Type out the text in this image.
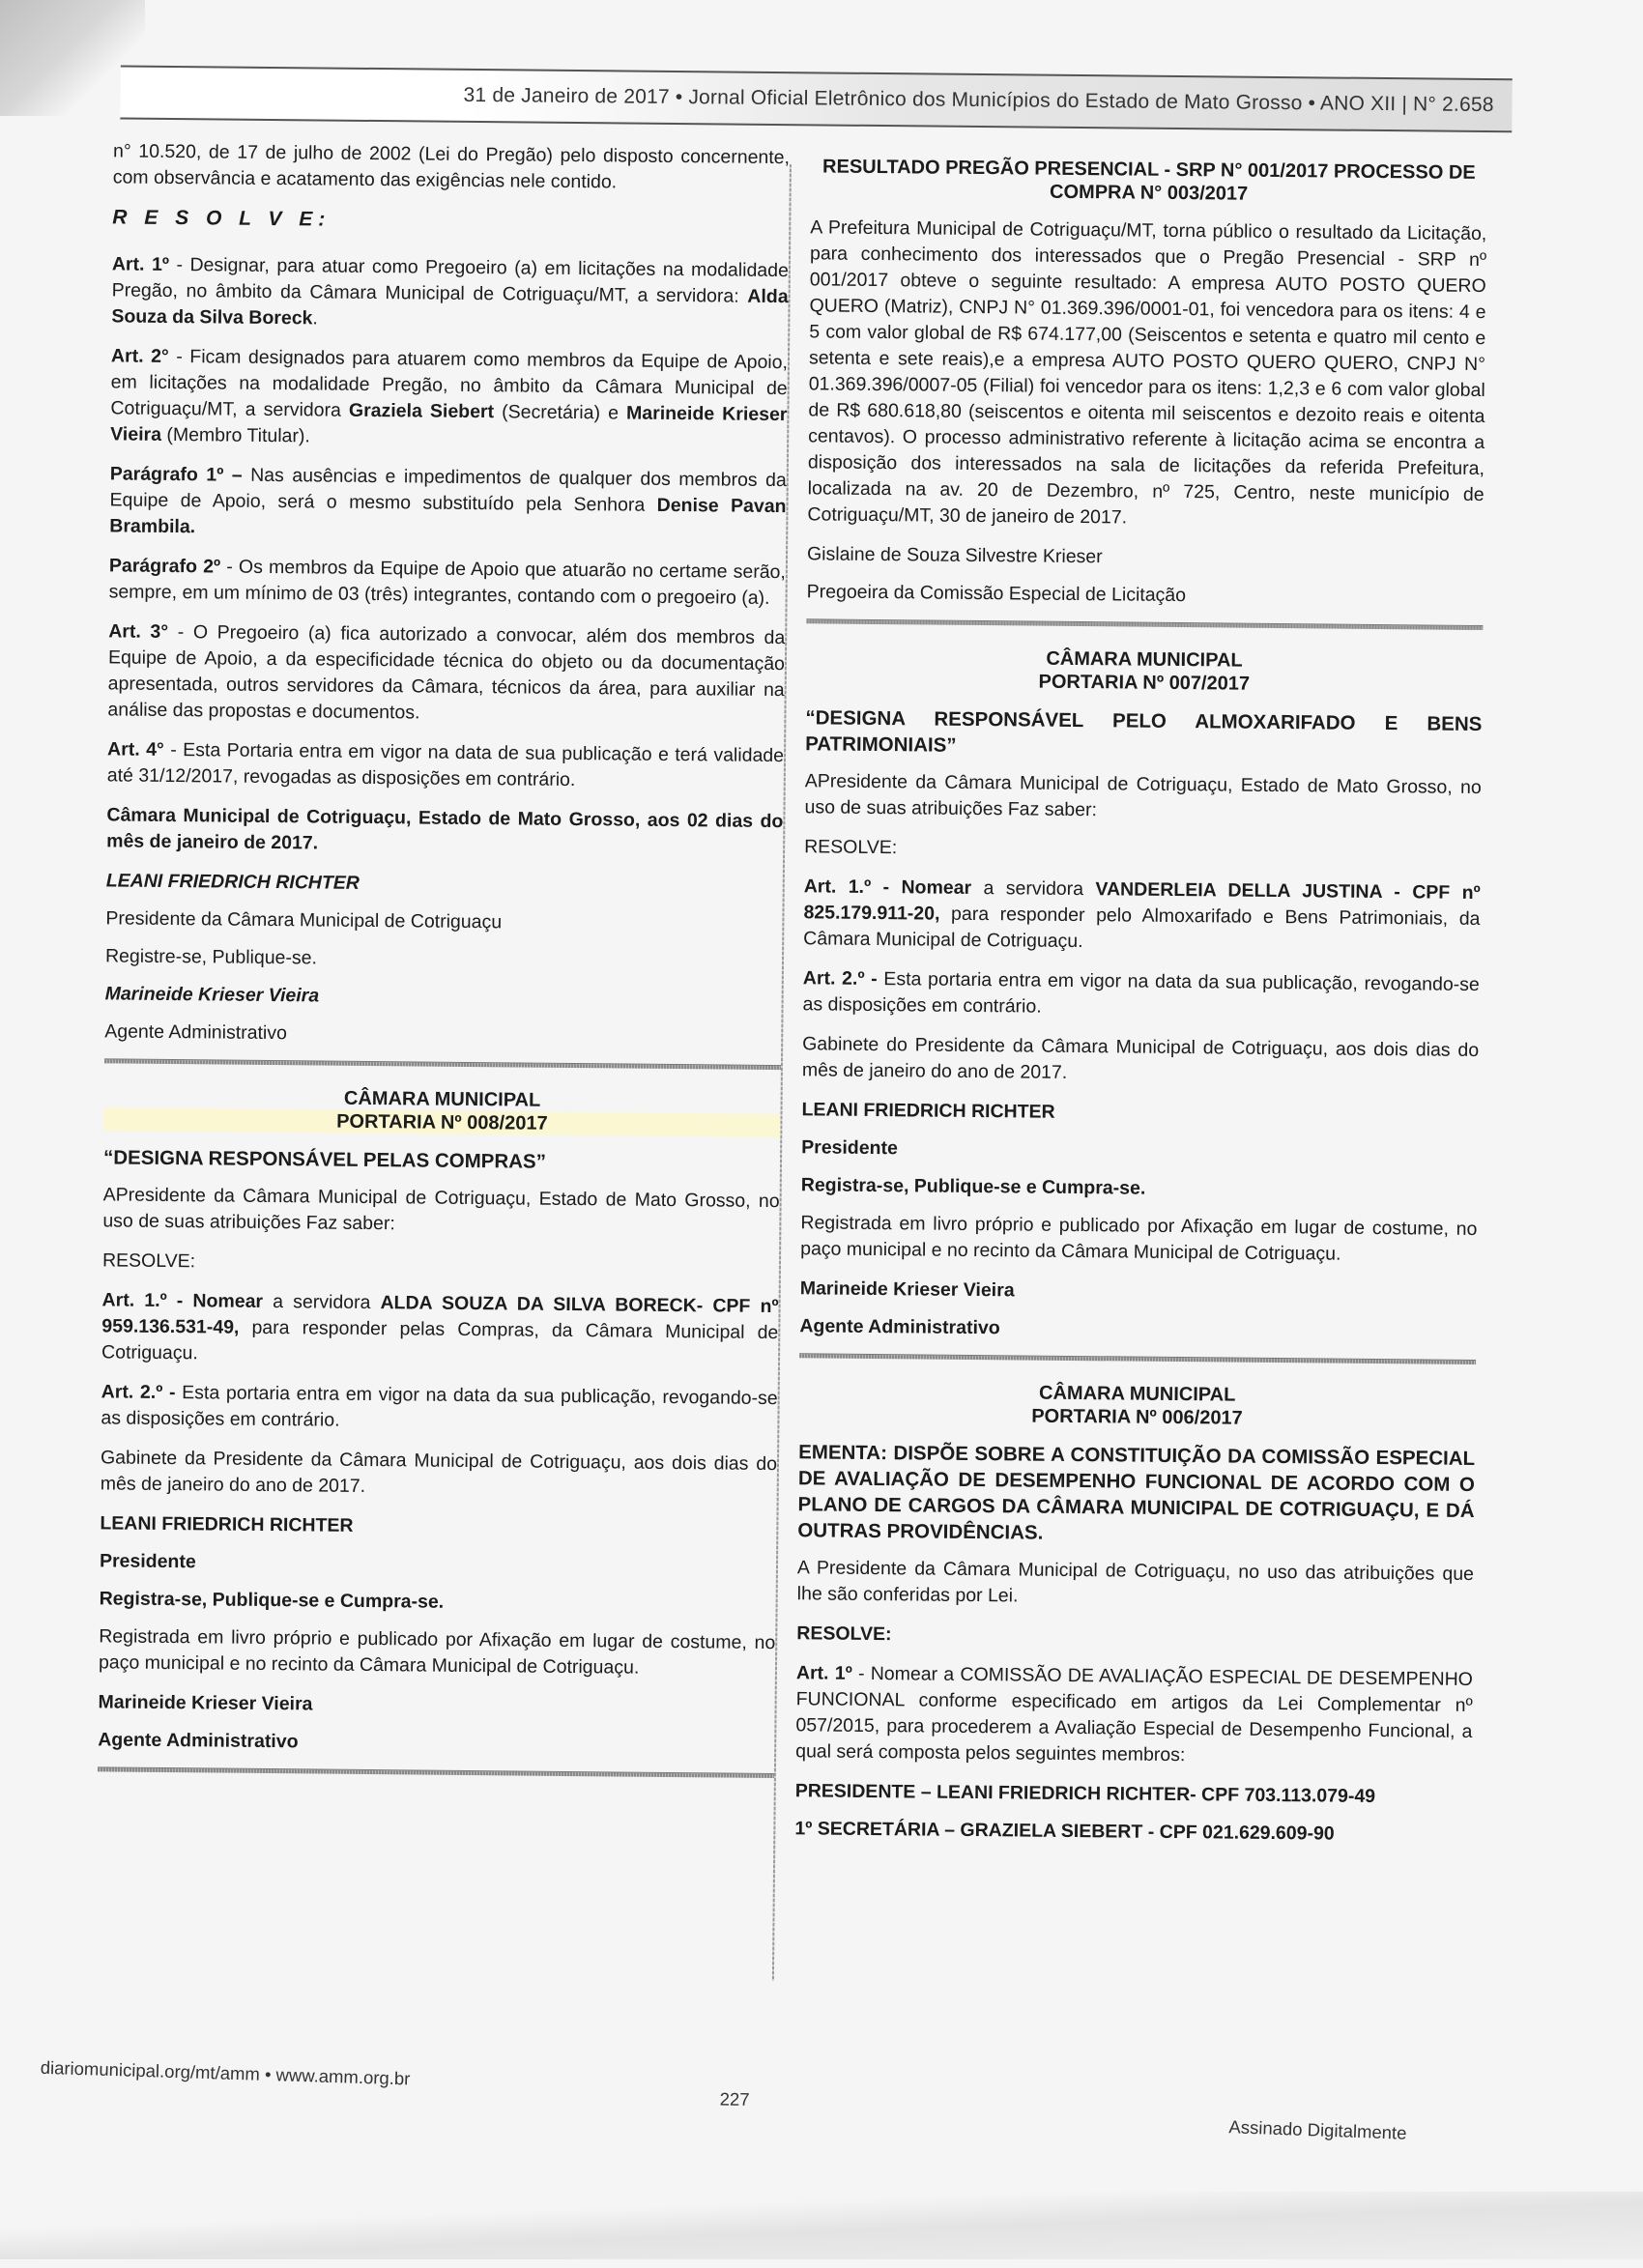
31 de Janeiro de 2017 • Jornal Oficial Eletrônico dos Municípios do Estado de Mato Grosso • ANO XII | N° 2.658

n° 10.520, de 17 de julho de 2002 (Lei do Pregão) pelo disposto concernente, com observância e acatamento das exigências nele contido.

R E S O L V E:

Art. 1º - Designar, para atuar como Pregoeiro (a) em licitações na modalidade Pregão, no âmbito da Câmara Municipal de Cotriguaçu/MT, a servidora: Alda Souza da Silva Boreck.

Art. 2° - Ficam designados para atuarem como membros da Equipe de Apoio, em licitações na modalidade Pregão, no âmbito da Câmara Municipal de Cotriguaçu/MT, a servidora Graziela Siebert (Secretária) e Marineide Krieser Vieira (Membro Titular).

Parágrafo 1º – Nas ausências e impedimentos de qualquer dos membros da Equipe de Apoio, será o mesmo substituído pela Senhora Denise Pavan Brambila.

Parágrafo 2º - Os membros da Equipe de Apoio que atuarão no certame serão, sempre, em um mínimo de 03 (três) integrantes, contando com o pregoeiro (a).

Art. 3° - O Pregoeiro (a) fica autorizado a convocar, além dos membros da Equipe de Apoio, a da especificidade técnica do objeto ou da documentação apresentada, outros servidores da Câmara, técnicos da área, para auxiliar na análise das propostas e documentos.

Art. 4° - Esta Portaria entra em vigor na data de sua publicação e terá validade até 31/12/2017, revogadas as disposições em contrário.

Câmara Municipal de Cotriguaçu, Estado de Mato Grosso, aos 02 dias do mês de janeiro de 2017.

LEANI FRIEDRICH RICHTER

Presidente da Câmara Municipal de Cotriguaçu

Registre-se, Publique-se.

Marineide Krieser Vieira

Agente Administrativo

CÂMARA MUNICIPAL
PORTARIA Nº 008/2017

“DESIGNA RESPONSÁVEL PELAS COMPRAS”

APresidente da Câmara Municipal de Cotriguaçu, Estado de Mato Grosso, no uso de suas atribuições Faz saber:

RESOLVE:

Art. 1.º - Nomear a servidora ALDA SOUZA DA SILVA BORECK- CPF nº 959.136.531-49, para responder pelas Compras, da Câmara Municipal de Cotriguaçu.

Art. 2.º - Esta portaria entra em vigor na data da sua publicação, revogando-se as disposições em contrário.

Gabinete da Presidente da Câmara Municipal de Cotriguaçu, aos dois dias do mês de janeiro do ano de 2017.

LEANI FRIEDRICH RICHTER

Presidente

Registra-se, Publique-se e Cumpra-se.

Registrada em livro próprio e publicado por Afixação em lugar de costume, no paço municipal e no recinto da Câmara Municipal de Cotriguaçu.

Marineide Krieser Vieira

Agente Administrativo

RESULTADO PREGÃO PRESENCIAL - SRP N° 001/2017 PROCESSO DE COMPRA N° 003/2017

A Prefeitura Municipal de Cotriguaçu/MT, torna público o resultado da Licitação, para conhecimento dos interessados que o Pregão Presencial - SRP nº 001/2017 obteve o seguinte resultado: A empresa AUTO POSTO QUERO QUERO (Matriz), CNPJ N° 01.369.396/0001-01, foi vencedora para os itens: 4 e 5 com valor global de R$ 674.177,00 (Seiscentos e setenta e quatro mil cento e setenta e sete reais),e a empresa AUTO POSTO QUERO QUERO, CNPJ N° 01.369.396/0007-05 (Filial) foi vencedor para os itens: 1,2,3 e 6 com valor global de R$ 680.618,80 (seiscentos e oitenta mil seiscentos e dezoito reais e oitenta centavos). O processo administrativo referente à licitação acima se encontra a disposição dos interessados na sala de licitações da referida Prefeitura, localizada na av. 20 de Dezembro, nº 725, Centro, neste município de Cotriguaçu/MT, 30 de janeiro de 2017.

Gislaine de Souza Silvestre Krieser

Pregoeira da Comissão Especial de Licitação

CÂMARA MUNICIPAL
PORTARIA Nº 007/2017

“DESIGNA RESPONSÁVEL PELO ALMOXARIFADO E BENS PATRIMONIAIS”

APresidente da Câmara Municipal de Cotriguaçu, Estado de Mato Grosso, no uso de suas atribuições Faz saber:

RESOLVE:

Art. 1.º - Nomear a servidora VANDERLEIA DELLA JUSTINA - CPF nº 825.179.911-20, para responder pelo Almoxarifado e Bens Patrimoniais, da Câmara Municipal de Cotriguaçu.

Art. 2.º - Esta portaria entra em vigor na data da sua publicação, revogando-se as disposições em contrário.

Gabinete do Presidente da Câmara Municipal de Cotriguaçu, aos dois dias do mês de janeiro do ano de 2017.

LEANI FRIEDRICH RICHTER

Presidente

Registra-se, Publique-se e Cumpra-se.

Registrada em livro próprio e publicado por Afixação em lugar de costume, no paço municipal e no recinto da Câmara Municipal de Cotriguaçu.

Marineide Krieser Vieira

Agente Administrativo

CÂMARA MUNICIPAL
PORTARIA Nº 006/2017

EMENTA: DISPÕE SOBRE A CONSTITUIÇÃO DA COMISSÃO ESPECIAL DE AVALIAÇÃO DE DESEMPENHO FUNCIONAL DE ACORDO COM O PLANO DE CARGOS DA CÂMARA MUNICIPAL DE COTRIGUAÇU, E DÁ OUTRAS PROVIDÊNCIAS.

A Presidente da Câmara Municipal de Cotriguaçu, no uso das atribuições que lhe são conferidas por Lei.

RESOLVE:

Art. 1º - Nomear a COMISSÃO DE AVALIAÇÃO ESPECIAL DE DESEMPENHO FUNCIONAL conforme especificado em artigos da Lei Complementar nº 057/2015, para procederem a Avaliação Especial de Desempenho Funcional, a qual será composta pelos seguintes membros:

PRESIDENTE – LEANI FRIEDRICH RICHTER- CPF 703.113.079-49

1º SECRETÁRIA – GRAZIELA SIEBERT - CPF 021.629.609-90

diariomunicipal.org/mt/amm • www.amm.org.br
227
Assinado Digitalmente
